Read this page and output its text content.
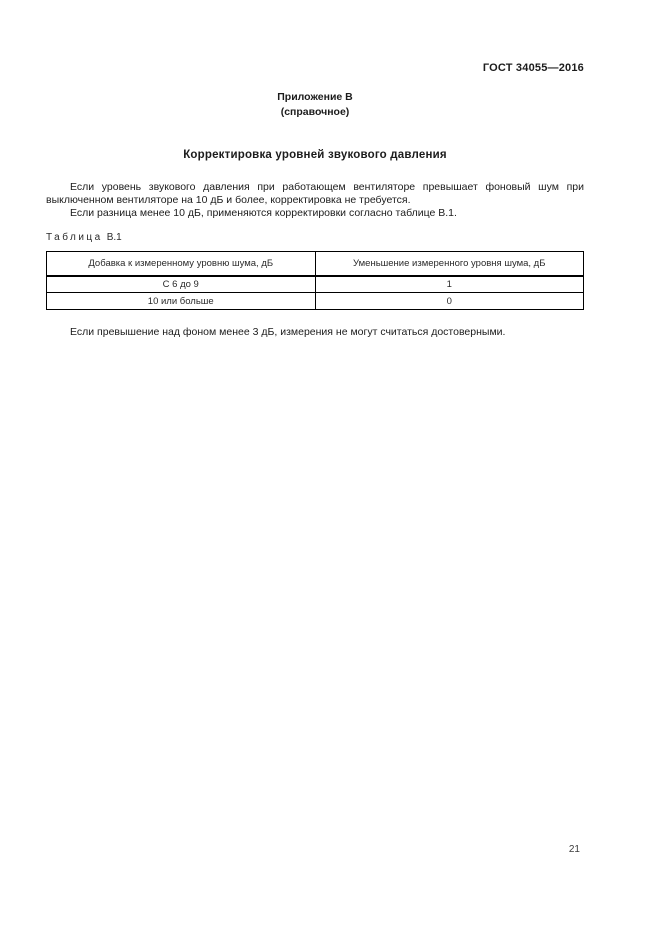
ГОСТ 34055—2016
Приложение В
(справочное)
Корректировка уровней звукового давления

Если уровень звукового давления при работающем вентиляторе превышает фоновый шум при выключенном вентиляторе на 10 дБ и более, корректировка не требуется.

Если разница менее 10 дБ, применяются корректировки согласно таблице В.1.

Таблица В.1
Добавка к измеренному уровню шума, дБ	Уменьшение измеренного уровня шума, дБ
С 6 до 9	1
10 или больше	0

Если превышение над фоном менее 3 дБ, измерения не могут считаться достоверными.

21
